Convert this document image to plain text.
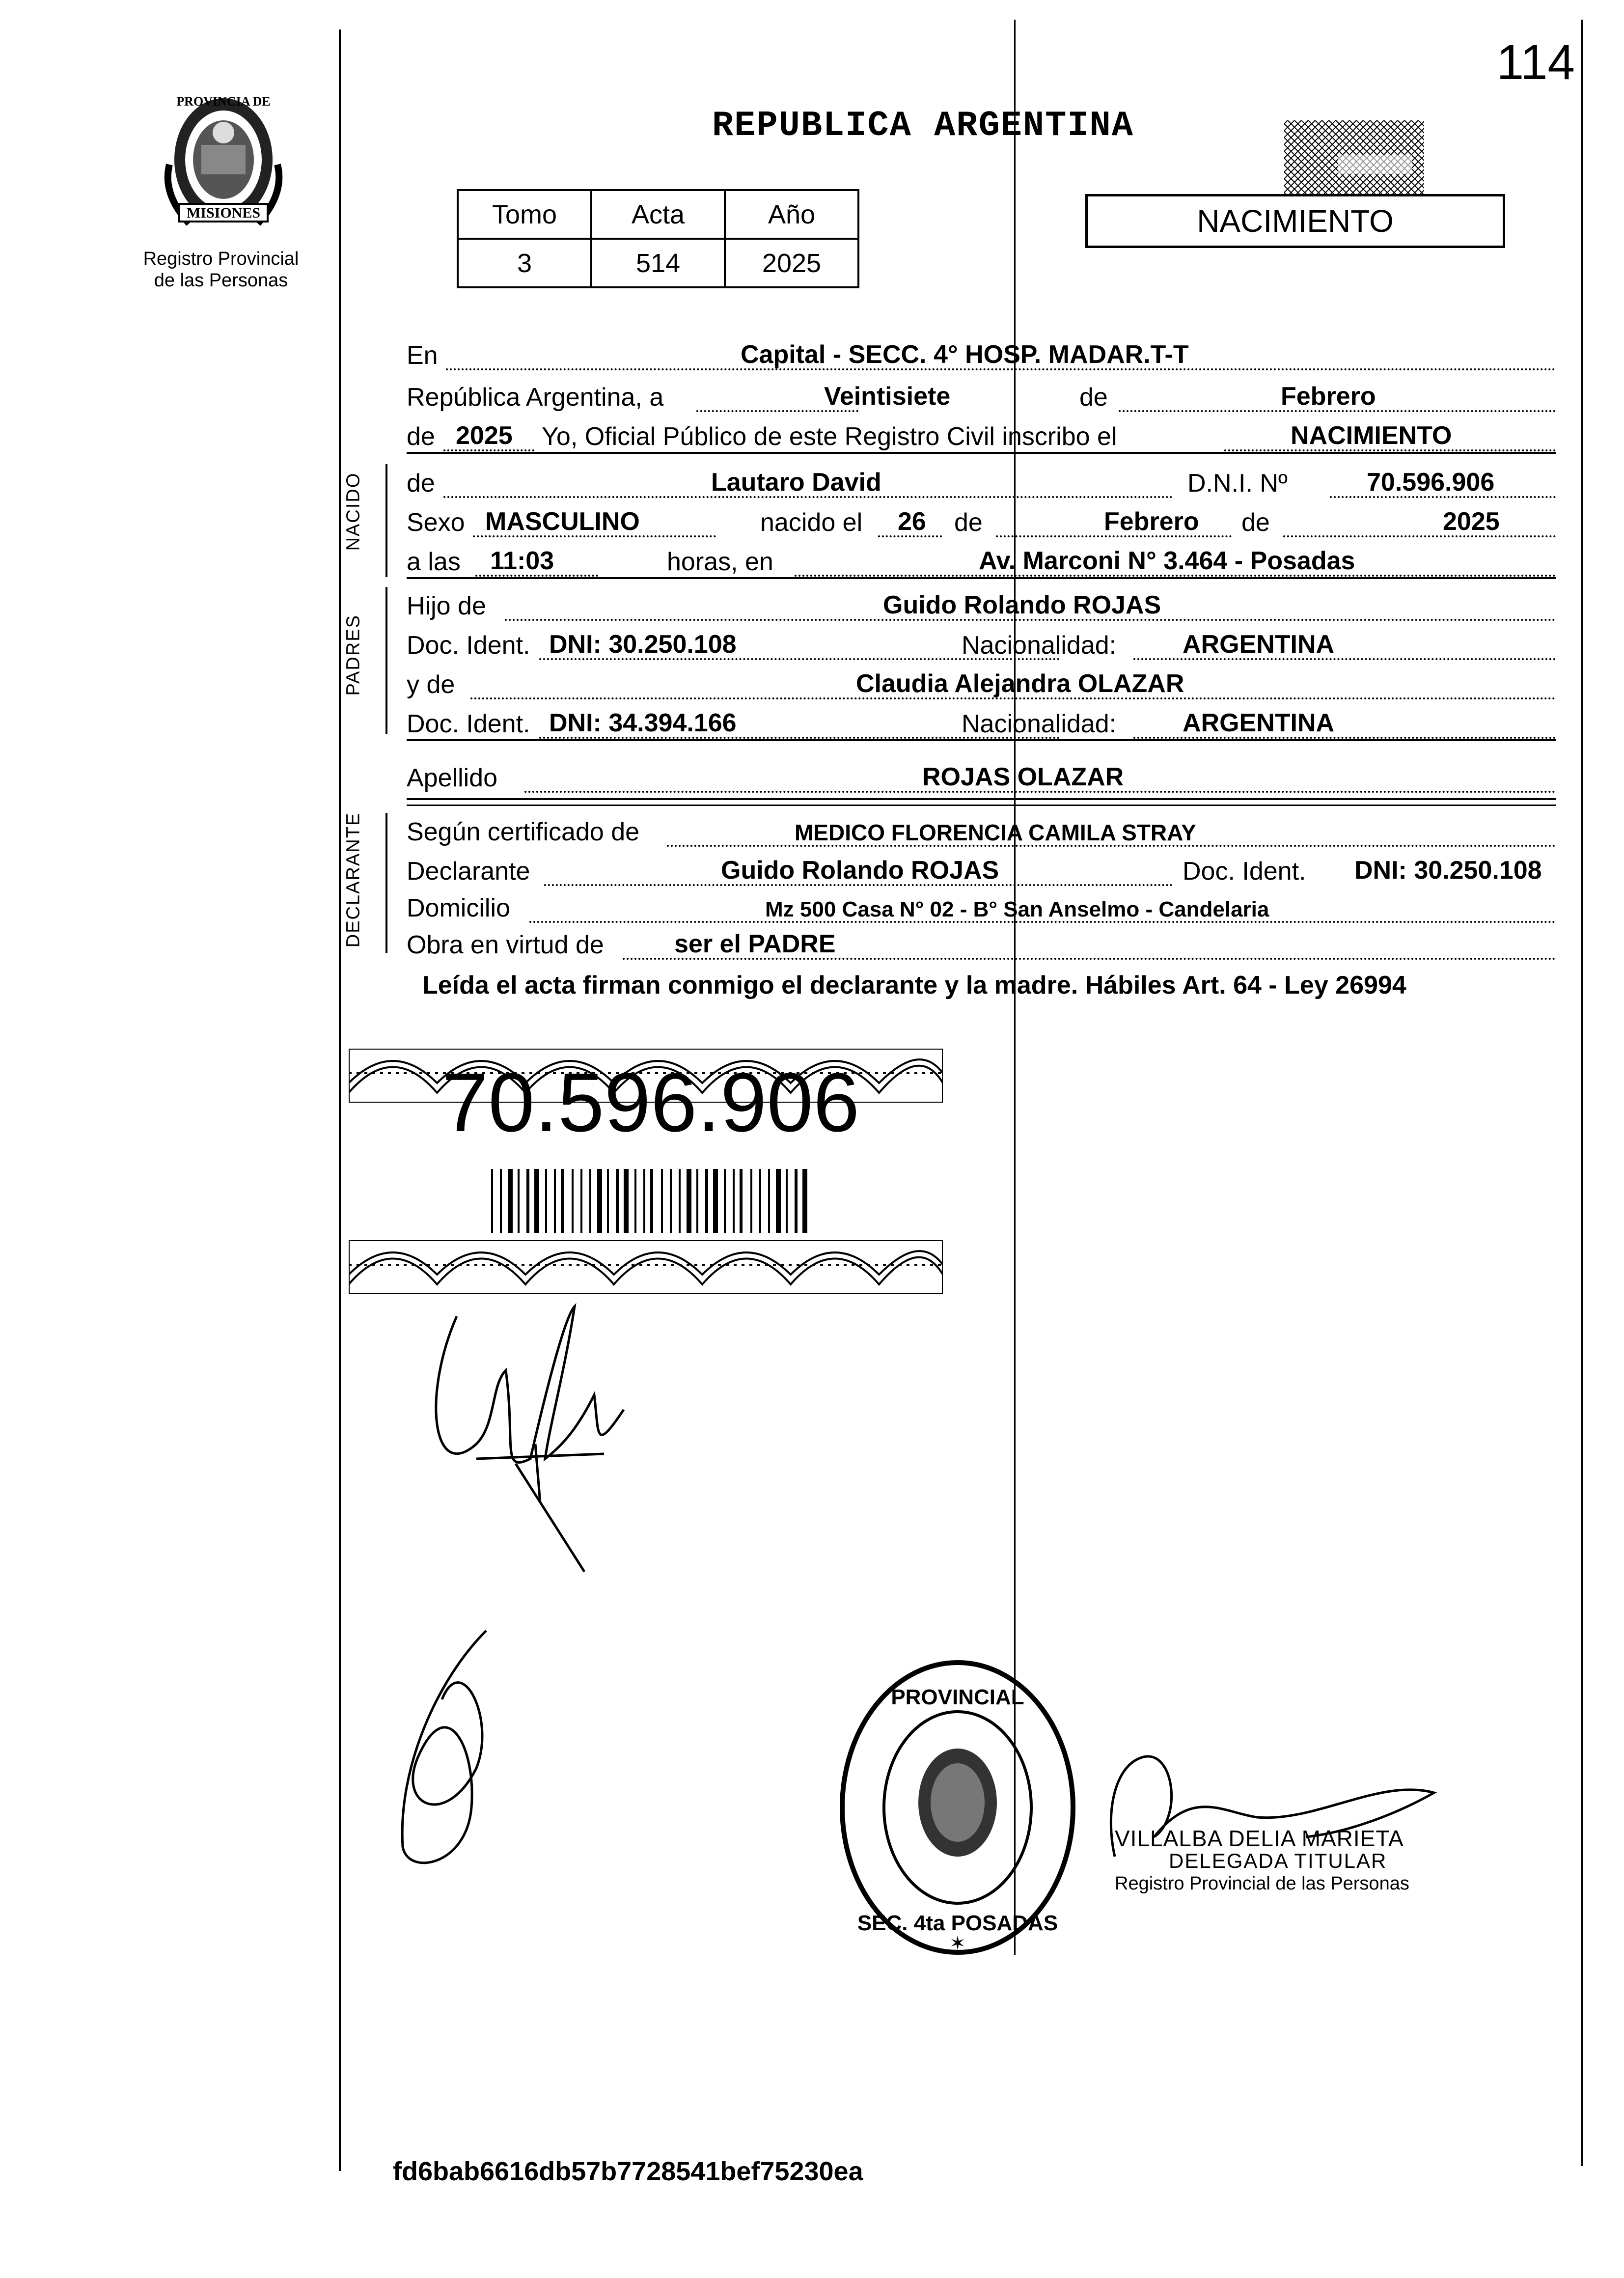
MISIONES
PROVINCIA DE
Registro Provincial
de las Personas
114
REPUBLICA ARGENTINA
Tomo	Acta	Año
3	514	2025
NACIMIENTO
NACIDO
PADRES
DECLARANTE
En	Capital - SECC. 4° HOSP. MADAR.T-T
República Argentina, a	Veintisiete	de	Febrero
de 2025 Yo, Oficial Público de este Registro Civil inscribo el	NACIMIENTO
de	Lautaro David	D.N.I. Nº	70.596.906
Sexo MASCULINO	nacido el 26 de	Febrero de	2025
a las 11:03	horas, en	Av. Marconi N° 3.464 - Posadas
Hijo de	Guido Rolando ROJAS
Doc. Ident. DNI: 30.250.108	Nacionalidad:	ARGENTINA
y de	Claudia Alejandra OLAZAR
Doc. Ident. DNI: 34.394.166	Nacionalidad:	ARGENTINA
Apellido	ROJAS OLAZAR
Según certificado de	MEDICO FLORENCIA CAMILA STRAY
Declarante	Guido Rolando ROJAS	Doc. Ident. DNI: 30.250.108
Domicilio	Mz 500 Casa N° 02 - B° San Anselmo - Candelaria
Obra en virtud de	ser el PADRE
Leída el acta firman conmigo el declarante y la madre. Hábiles Art. 64 - Ley 26994
70.596.906
PROVINCIAL
SEC. 4ta POSADAS
✶
VILLALBA DELIA MARIETA
DELEGADA TITULAR
Registro Provincial de las Personas
fd6bab6616db57b7728541bef75230ea
